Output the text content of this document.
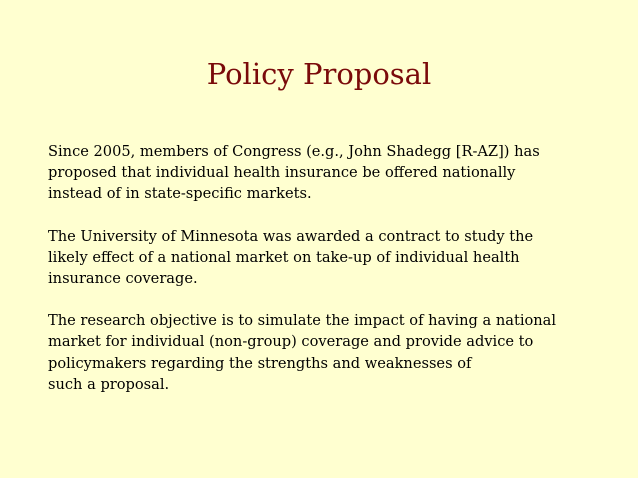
Policy Proposal

Since 2005, members of Congress (e.g., John Shadegg [R-AZ]) has
proposed that individual health insurance be offered nationally
instead of in state-specific markets.

The University of Minnesota was awarded a contract to study the
likely effect of a national market on take-up of individual health
insurance coverage.

The research objective is to simulate the impact of having a national
market for individual (non-group) coverage and provide advice to
policymakers regarding the strengths and weaknesses of
such a proposal.
